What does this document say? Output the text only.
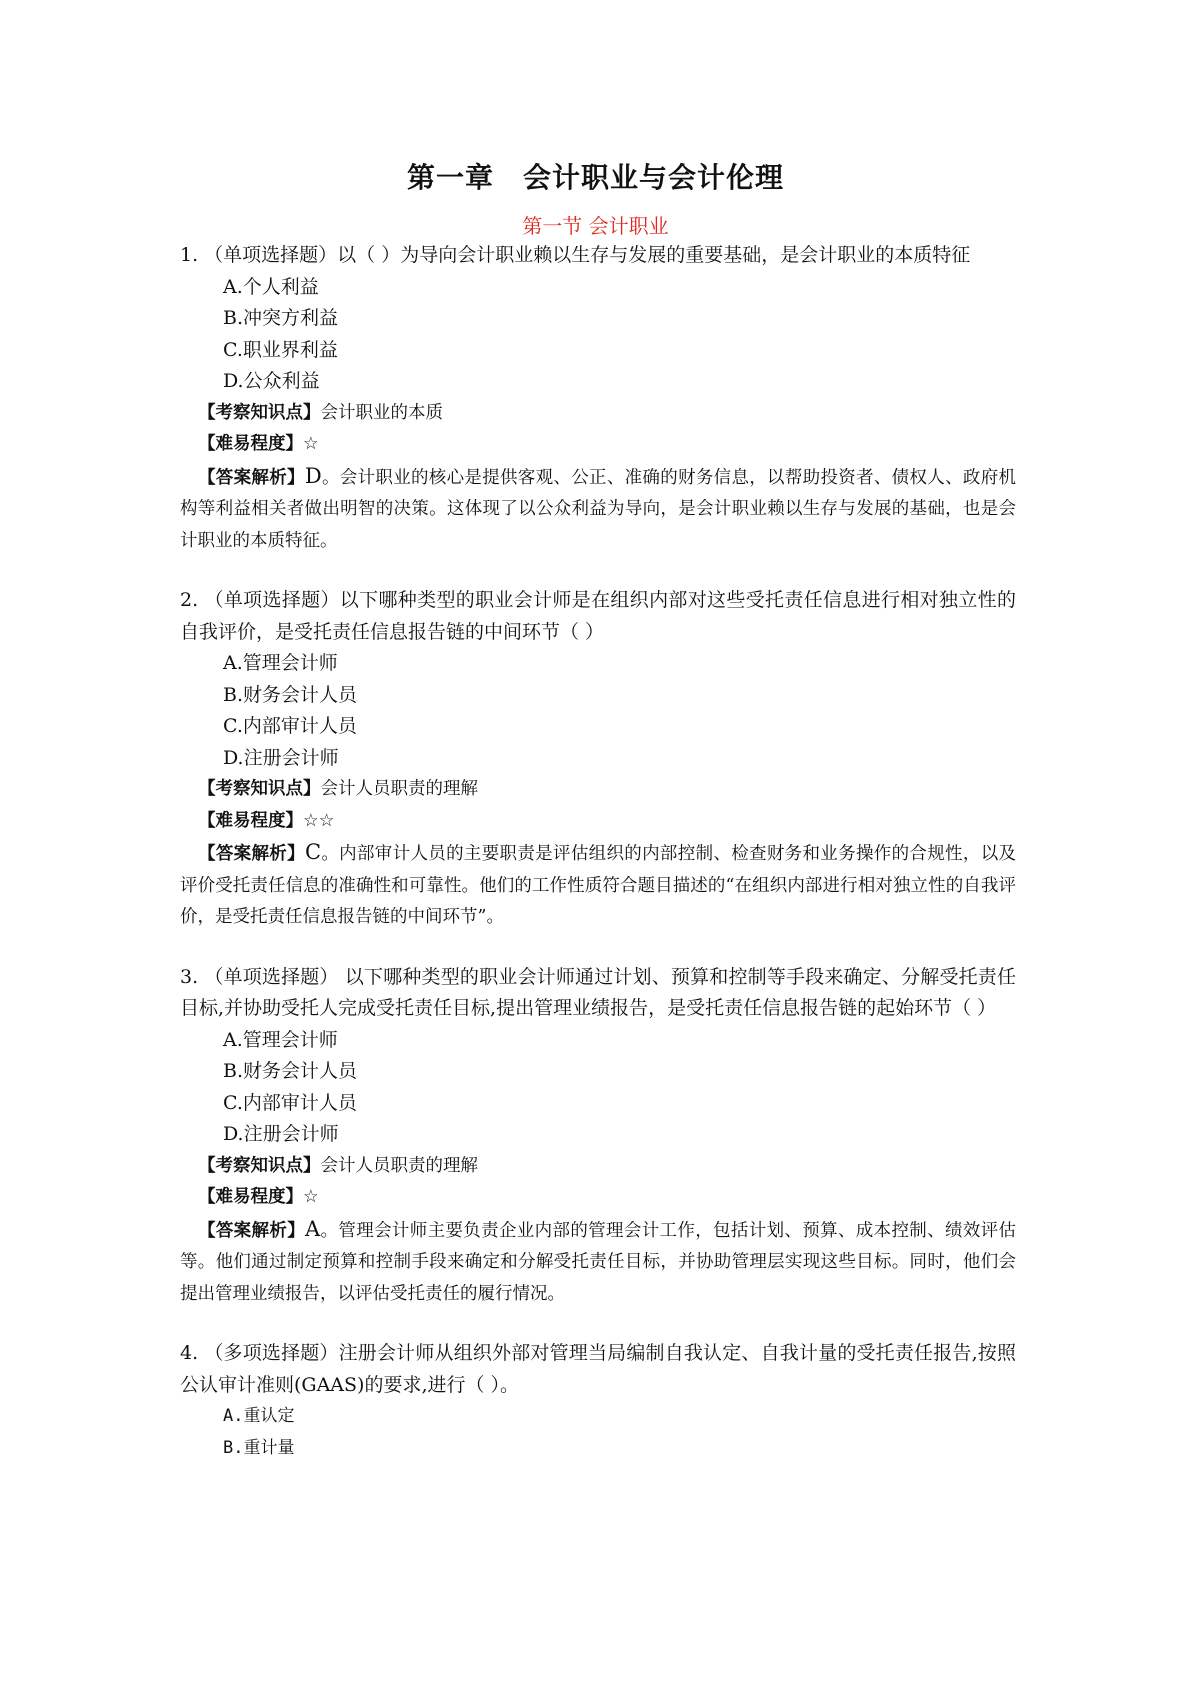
第一章　会计职业与会计伦理
第一节 会计职业

1. （单项选择题）以（ ）为导向会计职业赖以生存与发展的重要基础，是会计职业的本质特征

A.个人利益
B.冲突方利益
C.职业界利益
D.公众利益

【考察知识点】会计职业的本质

【难易程度】☆

【答案解析】D。会计职业的核心是提供客观、公正、准确的财务信息，以帮助投资者、债权人、政府机构等利益相关者做出明智的决策。这体现了以公众利益为导向，是会计职业赖以生存与发展的基础，也是会计职业的本质特征。

2. （单项选择题）以下哪种类型的职业会计师是在组织内部对这些受托责任信息进行相对独立性的自我评价，是受托责任信息报告链的中间环节（ ）

A.管理会计师
B.财务会计人员
C.内部审计人员
D.注册会计师

【考察知识点】会计人员职责的理解

【难易程度】☆☆

【答案解析】C。内部审计人员的主要职责是评估组织的内部控制、检查财务和业务操作的合规性，以及评价受托责任信息的准确性和可靠性。他们的工作性质符合题目描述的“在组织内部进行相对独立性的自我评价，是受托责任信息报告链的中间环节”。

3. （单项选择题） 以下哪种类型的职业会计师通过计划、预算和控制等手段来确定、分解受托责任目标,并协助受托人完成受托责任目标,提出管理业绩报告，是受托责任信息报告链的起始环节（ ）

A.管理会计师
B.财务会计人员
C.内部审计人员
D.注册会计师

【考察知识点】会计人员职责的理解

【难易程度】☆

【答案解析】A。管理会计师主要负责企业内部的管理会计工作，包括计划、预算、成本控制、绩效评估等。他们通过制定预算和控制手段来确定和分解受托责任目标，并协助管理层实现这些目标。同时，他们会提出管理业绩报告，以评估受托责任的履行情况。

4. （多项选择题）注册会计师从组织外部对管理当局编制自我认定、自我计量的受托责任报告,按照公认审计准则(GAAS)的要求,进行（ ）。

A.重认定
B.重计量
